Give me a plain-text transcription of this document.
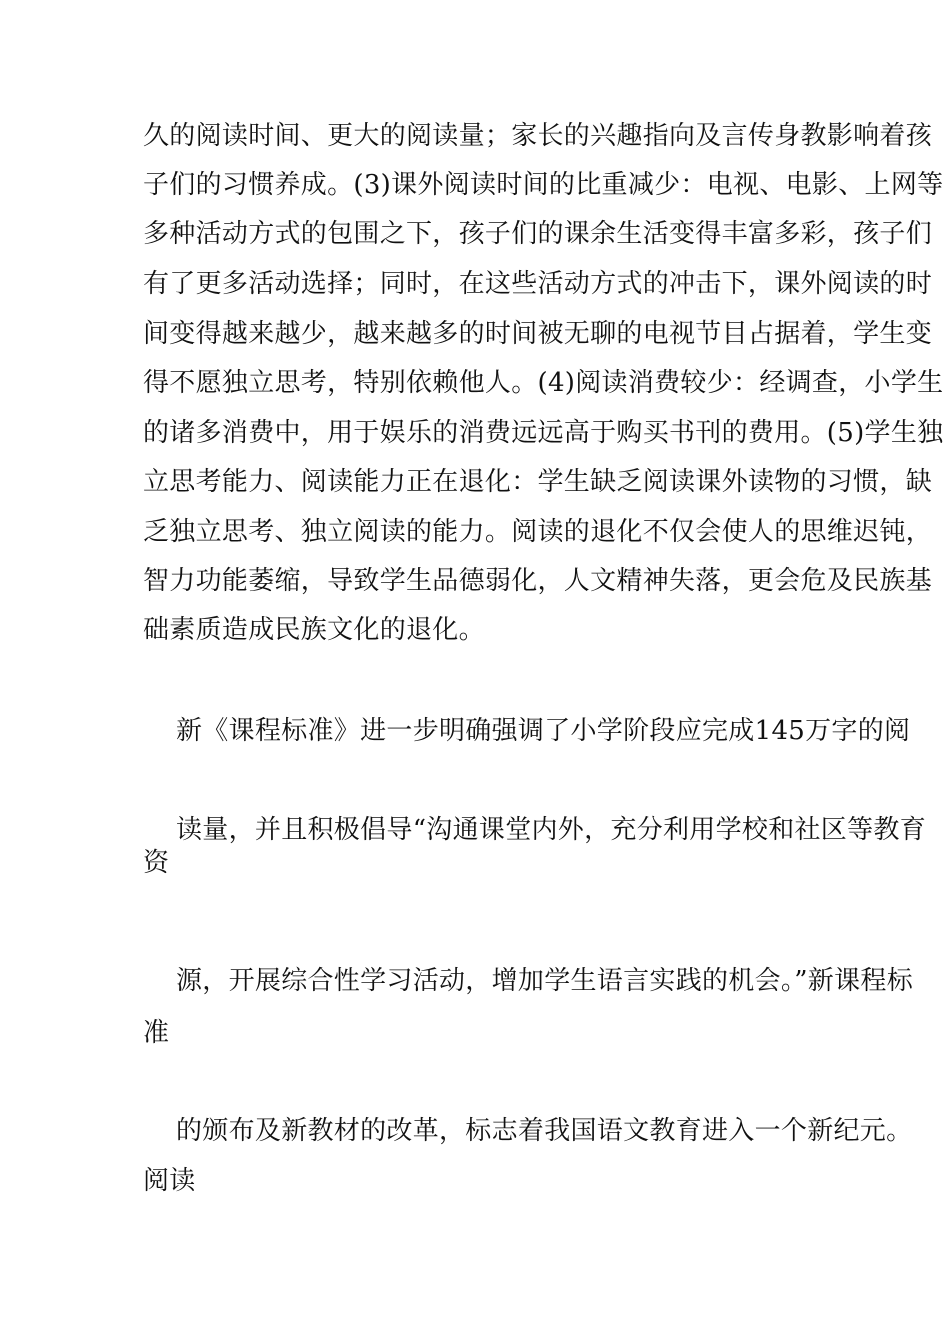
久的阅读时间、更大的阅读量；家长的兴趣指向及言传身教影响着孩
子们的习惯养成。(3)课外阅读时间的比重减少：电视、电影、上网等
多种活动方式的包围之下，孩子们的课余生活变得丰富多彩，孩子们
有了更多活动选择；同时，在这些活动方式的冲击下，课外阅读的时
间变得越来越少，越来越多的时间被无聊的电视节目占据着，学生变
得不愿独立思考，特别依赖他人。(4)阅读消费较少：经调查，小学生
的诸多消费中，用于娱乐的消费远远高于购买书刊的费用。(5)学生独
立思考能力、阅读能力正在退化：学生缺乏阅读课外读物的习惯，缺
乏独立思考、独立阅读的能力。阅读的退化不仅会使人的思维迟钝，
智力功能萎缩，导致学生品德弱化，人文精神失落，更会危及民族基
础素质造成民族文化的退化。
新《课程标准》进一步明确强调了小学阶段应完成145万字的阅
读量，并且积极倡导“沟通课堂内外，充分利用学校和社区等教育
资
源，开展综合性学习活动，增加学生语言实践的机会。”新课程标
准
的颁布及新教材的改革，标志着我国语文教育进入一个新纪元。
阅读
